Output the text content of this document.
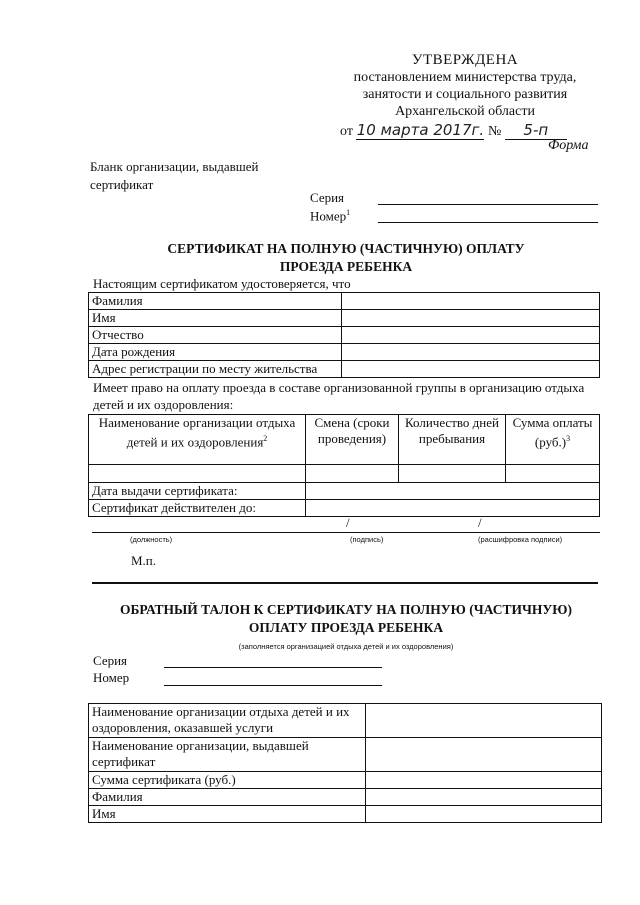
УТВЕРЖДЕНА
постановлением министерства труда,
занятости и социального развития
Архангельской области
от 10 марта 2017г. № 5-п
Форма
Бланк организации, выдавшей
сертификат
Серия
Номер$^1$
СЕРТИФИКАТ НА ПОЛНУЮ (ЧАСТИЧНУЮ) ОПЛАТУ
ПРОЕЗДА РЕБЕНКА
Настоящим сертификатом удостоверяется, что
Фамилия	
Имя	
Отчество	
Дата рождения	
Адрес регистрации по месту жительства	
Имеет право на оплату проезда в составе организованной группы в организацию отдыха детей и их оздоровления:
Наименование организации отдыха детей и их оздоровления$^2$	Смена (сроки проведения)	Количество дней пребывания	Сумма оплаты $(руб.)^3$

Дата выдачи сертификата:			
Сертификат действителен до:			
/	/
(должность)	(подпись)	(расшифровка подписи)
М.п.
ОБРАТНЫЙ ТАЛОН К СЕРТИФИКАТУ НА ПОЛНУЮ (ЧАСТИЧНУЮ)
ОПЛАТУ ПРОЕЗДА РЕБЕНКА
(заполняется организацией отдыха детей и их оздоровления)
Серия
Номер
Наименование организации отдыха детей и их оздоровления, оказавшей услуги	
Наименование организации, выдавшей сертификат	
Сумма сертификата (руб.)	
Фамилия	
Имя	
